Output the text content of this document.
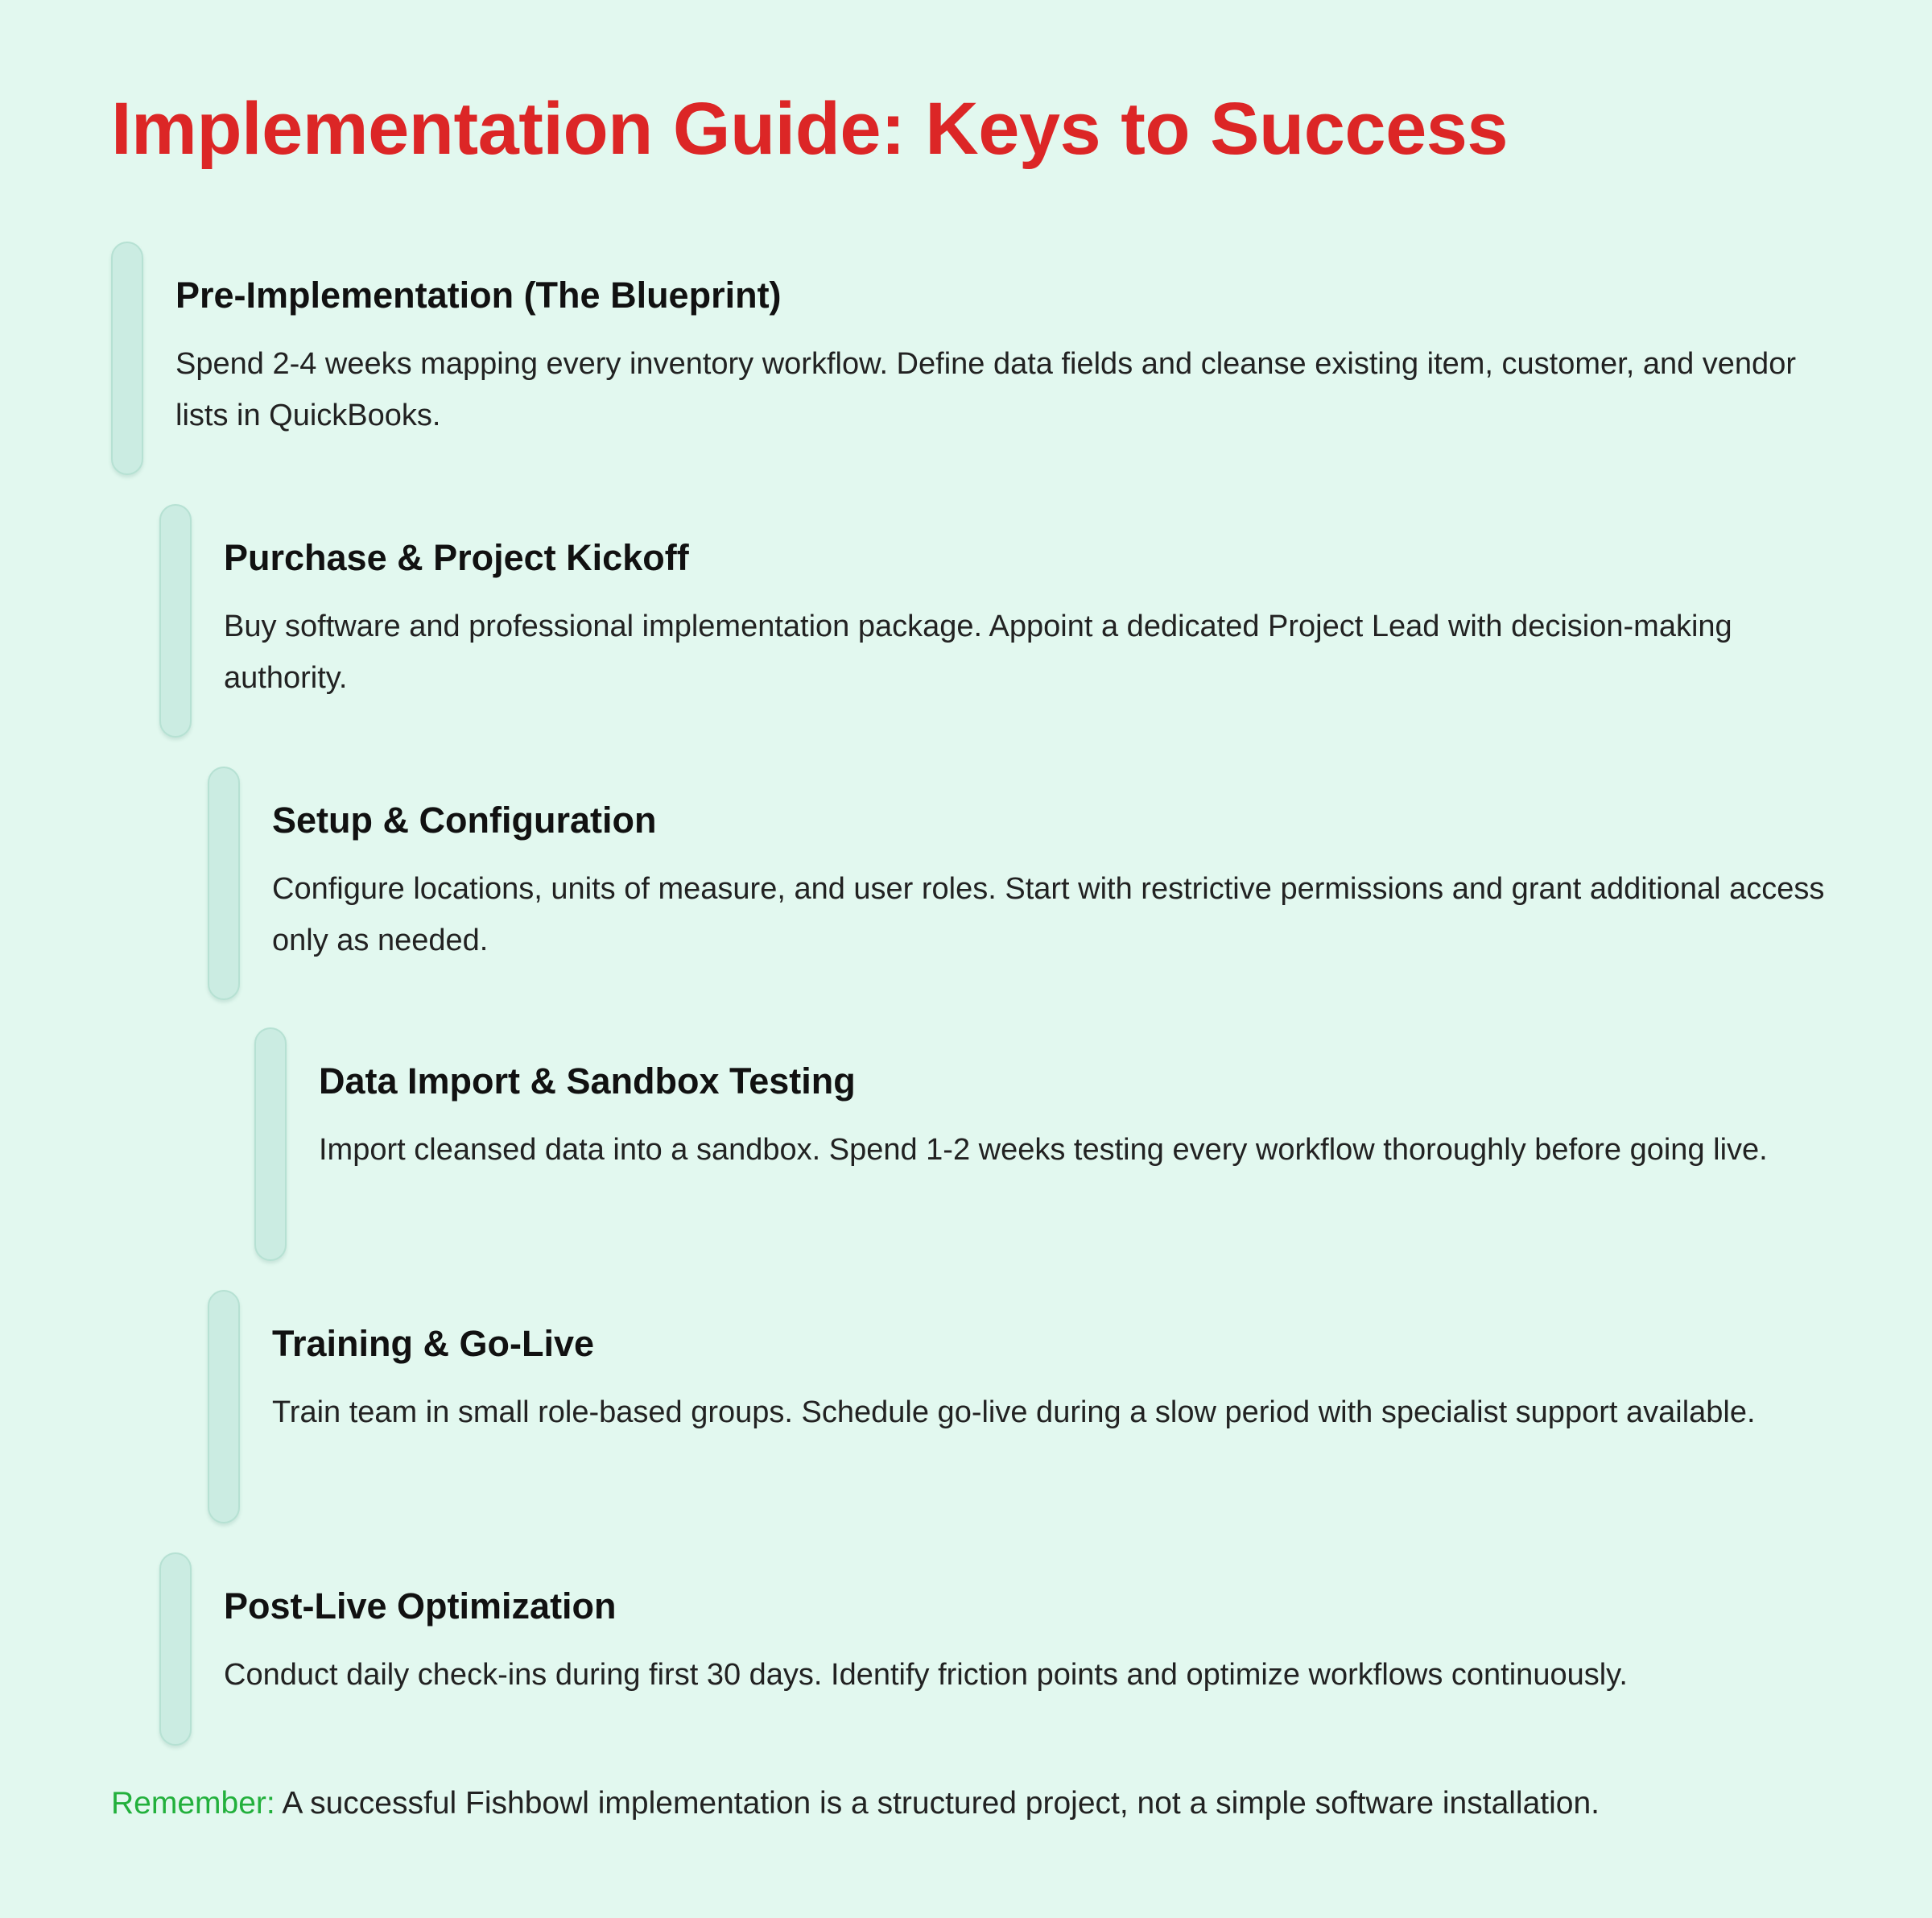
Implementation Guide: Keys to Success
Pre-Implementation (The Blueprint)

Spend 2-4 weeks mapping every inventory workflow. Define data fields and cleanse existing item, customer, and vendor lists in QuickBooks.

Purchase & Project Kickoff

Buy software and professional implementation package. Appoint a dedicated Project Lead with decision-making authority.

Setup & Configuration

Configure locations, units of measure, and user roles. Start with restrictive permissions and grant additional access only as needed.

Data Import & Sandbox Testing

Import cleansed data into a sandbox. Spend 1-2 weeks testing every workflow thoroughly before going live.

Training & Go-Live

Train team in small role-based groups. Schedule go-live during a slow period with specialist support available.

Post-Live Optimization

Conduct daily check-ins during first 30 days. Identify friction points and optimize workflows continuously.

Remember: A successful Fishbowl implementation is a structured project, not a simple software installation.
